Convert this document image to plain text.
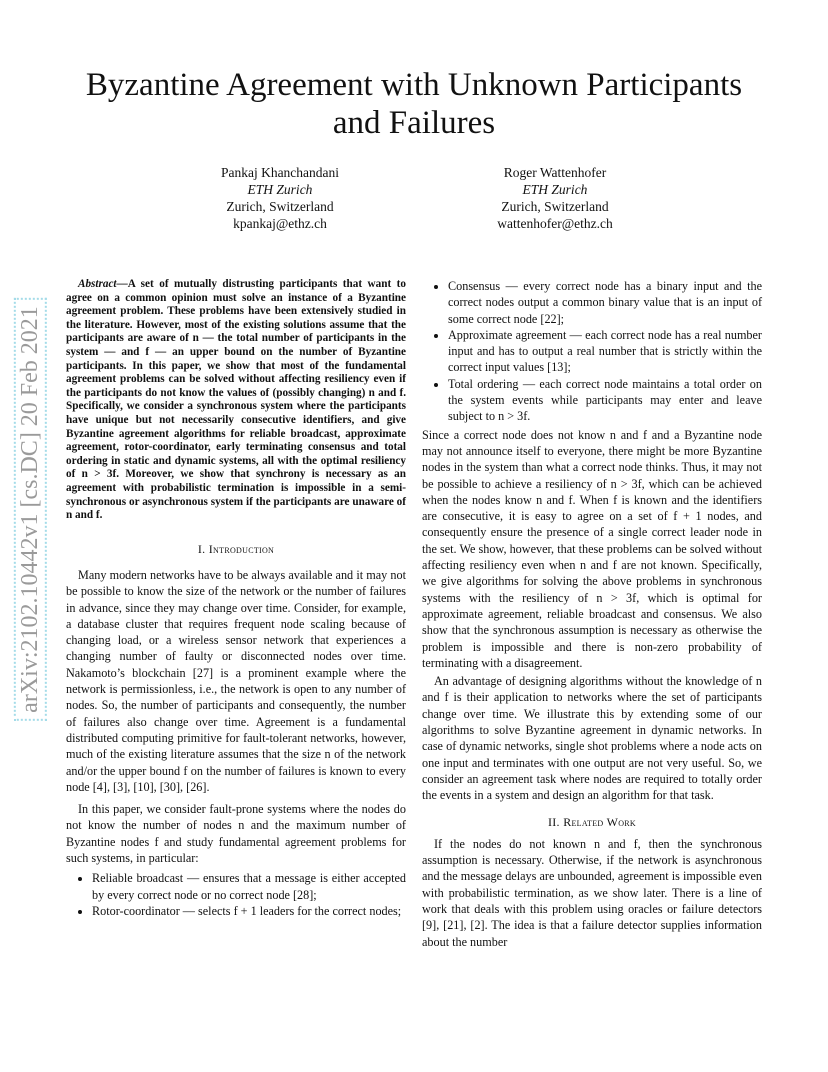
Byzantine Agreement with Unknown Participants and Failures
Pankaj Khanchandani
ETH Zurich
Zurich, Switzerland
kpankaj@ethz.ch
Roger Wattenhofer
ETH Zurich
Zurich, Switzerland
wattenhofer@ethz.ch
arXiv:2102.10442v1 [cs.DC] 20 Feb 2021

Abstract—A set of mutually distrusting participants that want to agree on a common opinion must solve an instance of a Byzantine agreement problem. These problems have been extensively studied in the literature. However, most of the existing solutions assume that the participants are aware of n — the total number of participants in the system — and f — an upper bound on the number of Byzantine participants. In this paper, we show that most of the fundamental agreement problems can be solved without affecting resiliency even if the participants do not know the values of (possibly changing) n and f. Specifically, we consider a synchronous system where the participants have unique but not necessarily consecutive identifiers, and give Byzantine agreement algorithms for reliable broadcast, approximate agreement, rotor-coordinator, early terminating consensus and total ordering in static and dynamic systems, all with the optimal resiliency of n > 3f. Moreover, we show that synchrony is necessary as an agreement with probabilistic termination is impossible in a semi-synchronous or asynchronous system if the participants are unaware of n and f.

I. Introduction

Many modern networks have to be always available and it may not be possible to know the size of the network or the number of failures in advance, since they may change over time. Consider, for example, a database cluster that requires frequent node scaling because of changing load, or a wireless sensor network that experiences a changing number of faulty or disconnected nodes over time. Nakamoto’s blockchain [27] is a prominent example where the network is permissionless, i.e., the network is open to any number of nodes. So, the number of participants and consequently, the number of failures also change over time. Agreement is a fundamental distributed computing primitive for fault-tolerant networks, however, much of the existing literature assumes that the size n of the network and/or the upper bound f on the number of failures is known to every node [4], [3], [10], [30], [26].

In this paper, we consider fault-prone systems where the nodes do not know the number of nodes n and the maximum number of Byzantine nodes f and study fundamental agreement problems for such systems, in particular:

• Reliable broadcast — ensures that a message is either accepted by every correct node or no correct node [28];
• Rotor-coordinator — selects f + 1 leaders for the correct nodes;
• Consensus — every correct node has a binary input and the correct nodes output a common binary value that is an input of some correct node [22];
• Approximate agreement — each correct node has a real number input and has to output a real number that is strictly within the correct input values [13];
• Total ordering — each correct node maintains a total order on the system events while participants may enter and leave subject to n > 3f.

Since a correct node does not know n and f and a Byzantine node may not announce itself to everyone, there might be more Byzantine nodes in the system than what a correct node thinks. Thus, it may not be possible to achieve a resiliency of n > 3f, which can be achieved when the nodes know n and f. When f is known and the identifiers are consecutive, it is easy to agree on a set of f + 1 nodes, and consequently ensure the presence of a single correct leader node in the set. We show, however, that these problems can be solved without affecting resiliency even when n and f are not known. Specifically, we give algorithms for solving the above problems in synchronous systems with the resiliency of n > 3f, which is optimal for approximate agreement, reliable broadcast and consensus. We also show that the synchronous assumption is necessary as otherwise the problem is impossible and there is non-zero probability of terminating with a disagreement.

An advantage of designing algorithms without the knowledge of n and f is their application to networks where the set of participants change over time. We illustrate this by extending some of our algorithms to solve Byzantine agreement in dynamic networks. In case of dynamic networks, single shot problems where a node acts on one input and terminates with one output are not very useful. So, we consider an agreement task where nodes are required to totally order the events in a system and design an algorithm for that task.

II. Related Work

If the nodes do not known n and f, then the synchronous assumption is necessary. Otherwise, if the network is asynchronous and the message delays are unbounded, agreement is impossible even with probabilistic termination, as we show later. There is a line of work that deals with this problem using oracles or failure detectors [9], [21], [2]. The idea is that a failure detector supplies information about the number
